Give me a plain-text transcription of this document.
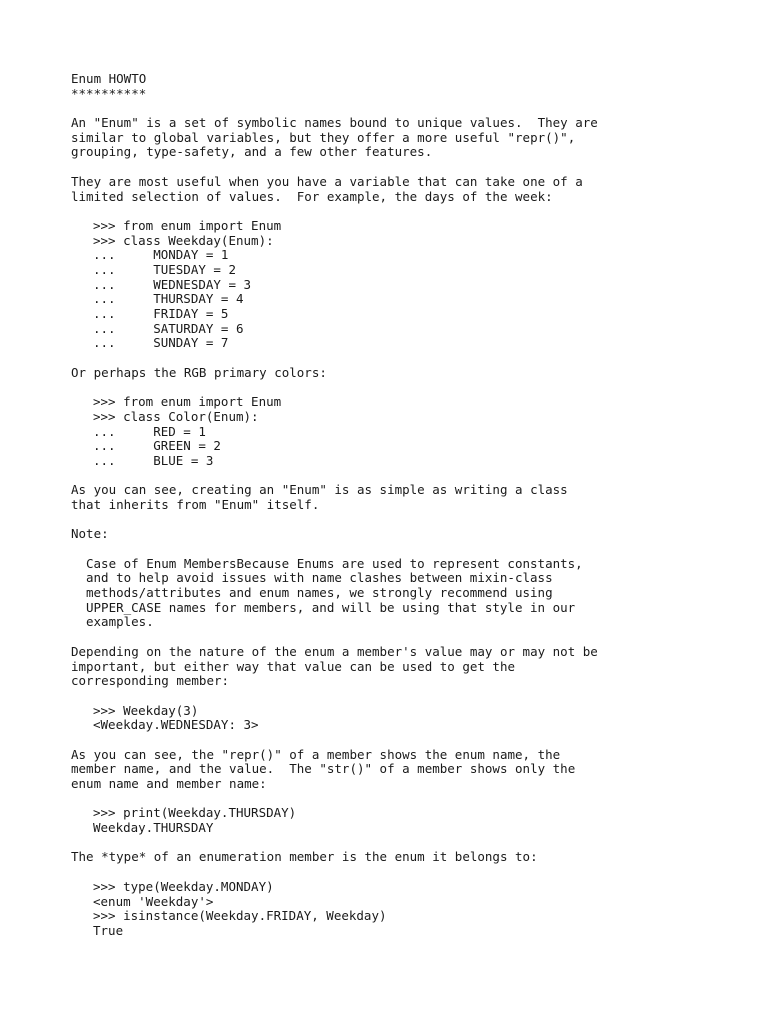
Enum HOWTO
**********
An "Enum" is a set of symbolic names bound to unique values.  They are
similar to global variables, but they offer a more useful "repr()",
grouping, type-safety, and a few other features.
They are most useful when you have a variable that can take one of a
limited selection of values.  For example, the days of the week:
>>> from enum import Enum
>>> class Weekday(Enum):
...     MONDAY = 1
...     TUESDAY = 2
...     WEDNESDAY = 3
...     THURSDAY = 4
...     FRIDAY = 5
...     SATURDAY = 6
...     SUNDAY = 7
Or perhaps the RGB primary colors:
>>> from enum import Enum
>>> class Color(Enum):
...     RED = 1
...     GREEN = 2
...     BLUE = 3
As you can see, creating an "Enum" is as simple as writing a class
that inherits from "Enum" itself.
Note:
Case of Enum MembersBecause Enums are used to represent constants,
and to help avoid issues with name clashes between mixin-class
methods/attributes and enum names, we strongly recommend using
UPPER_CASE names for members, and will be using that style in our
examples.
Depending on the nature of the enum a member's value may or may not be
important, but either way that value can be used to get the
corresponding member:
>>> Weekday(3)
<Weekday.WEDNESDAY: 3>
As you can see, the "repr()" of a member shows the enum name, the
member name, and the value.  The "str()" of a member shows only the
enum name and member name:
>>> print(Weekday.THURSDAY)
Weekday.THURSDAY
The *type* of an enumeration member is the enum it belongs to:
>>> type(Weekday.MONDAY)
<enum 'Weekday'>
>>> isinstance(Weekday.FRIDAY, Weekday)
True
